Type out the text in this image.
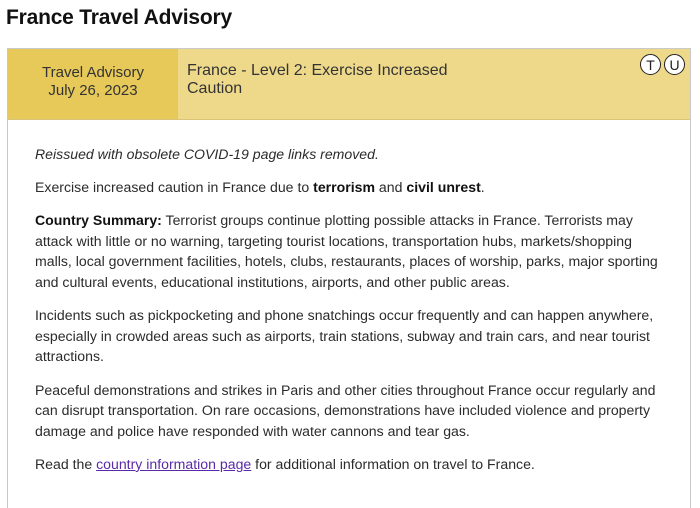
France Travel Advisory
Travel Advisory
July 26, 2023
France - Level 2: Exercise Increased Caution
T	U

Reissued with obsolete COVID-19 page links removed.

Exercise increased caution in France due to terrorism and civil unrest.

Country Summary: Terrorist groups continue plotting possible attacks in France. Terrorists may attack with little or no warning, targeting tourist locations, transportation hubs, markets/shopping malls, local government facilities, hotels, clubs, restaurants, places of worship, parks, major sporting and cultural events, educational institutions, airports, and other public areas.

Incidents such as pickpocketing and phone snatchings occur frequently and can happen anywhere, especially in crowded areas such as airports, train stations, subway and train cars, and near tourist attractions.

Peaceful demonstrations and strikes in Paris and other cities throughout France occur regularly and can disrupt transportation. On rare occasions, demonstrations have included violence and property damage and police have responded with water cannons and tear gas.

Read the country information page for additional information on travel to France.
